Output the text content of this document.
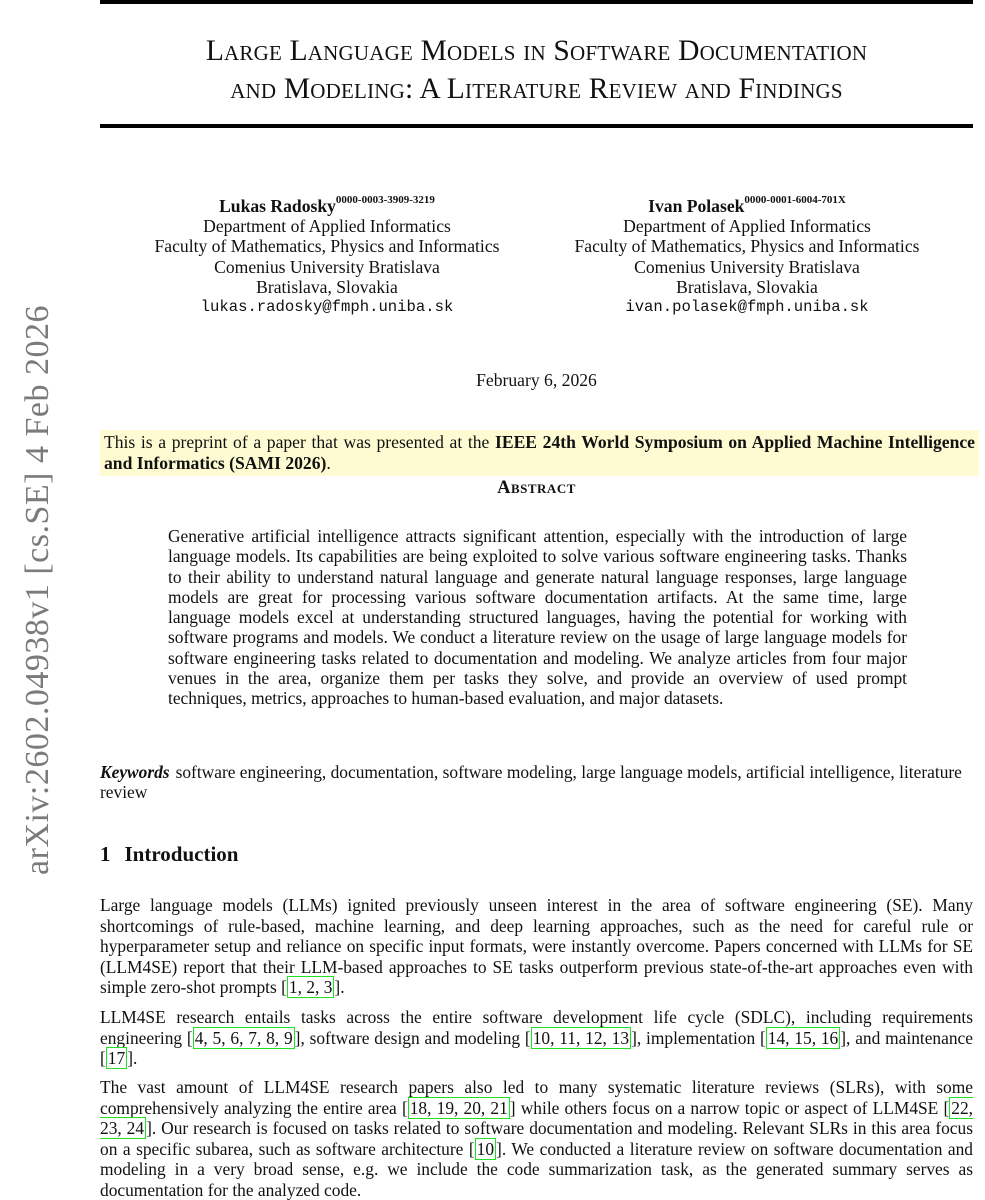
Large Language Models in Software Documentation
and Modeling: A Literature Review and Findings
Lukas Radosky$^{0000-0003-3909-3219}$
Department of Applied Informatics
Faculty of Mathematics, Physics and Informatics
Comenius University Bratislava
Bratislava, Slovakia
lukas.radosky@fmph.uniba.sk
Ivan Polasek$^{0000-0001-6004-701X}$
Department of Applied Informatics
Faculty of Mathematics, Physics and Informatics
Comenius University Bratislava
Bratislava, Slovakia
ivan.polasek@fmph.uniba.sk
February 6, 2026
This is a preprint of a paper that was presented at the IEEE 24th World Symposium on Applied Machine Intelligence and Informatics (SAMI 2026).
Abstract

Generative artificial intelligence attracts significant attention, especially with the introduction of large language models. Its capabilities are being exploited to solve various software engineering tasks. Thanks to their ability to understand natural language and generate natural language responses, large language models are great for processing various software documentation artifacts. At the same time, large language models excel at understanding structured languages, having the potential for working with software programs and models. We conduct a literature review on the usage of large language models for software engineering tasks related to documentation and modeling. We analyze articles from four major venues in the area, organize them per tasks they solve, and provide an overview of used prompt techniques, metrics, approaches to human-based evaluation, and major datasets.

Keywords software engineering, documentation, software modeling, large language models, artificial intelligence, literature review

1 Introduction

Large language models (LLMs) ignited previously unseen interest in the area of software engineering (SE). Many shortcomings of rule-based, machine learning, and deep learning approaches, such as the need for careful rule or hyperparameter setup and reliance on specific input formats, were instantly overcome. Papers concerned with LLMs for SE (LLM4SE) report that their LLM-based approaches to SE tasks outperform previous state-of-the-art approaches even with simple zero-shot prompts [ 1, 2, 3 ].

LLM4SE research entails tasks across the entire software development life cycle (SDLC), including requirements engineering [ 4, 5, 6, 7, 8, 9 ], software design and modeling [ 10, 11, 12, 13 ], implementation [ 14, 15, 16 ], and maintenance [ 17 ].

The vast amount of LLM4SE research papers also led to many systematic literature reviews (SLRs), with some comprehensively analyzing the entire area [ 18, 19, 20, 21 ] while others focus on a narrow topic or aspect of LLM4SE [ 22, 23, 24 ]. Our research is focused on tasks related to software documentation and modeling. Relevant SLRs in this area focus on a specific subarea, such as software architecture [ 10 ]. We conducted a literature review on software documentation and modeling in a very broad sense, e.g. we include the code summarization task, as the generated summary serves as documentation for the analyzed code.

arXiv:2602.04938v1 [cs.SE] 4 Feb 2026
